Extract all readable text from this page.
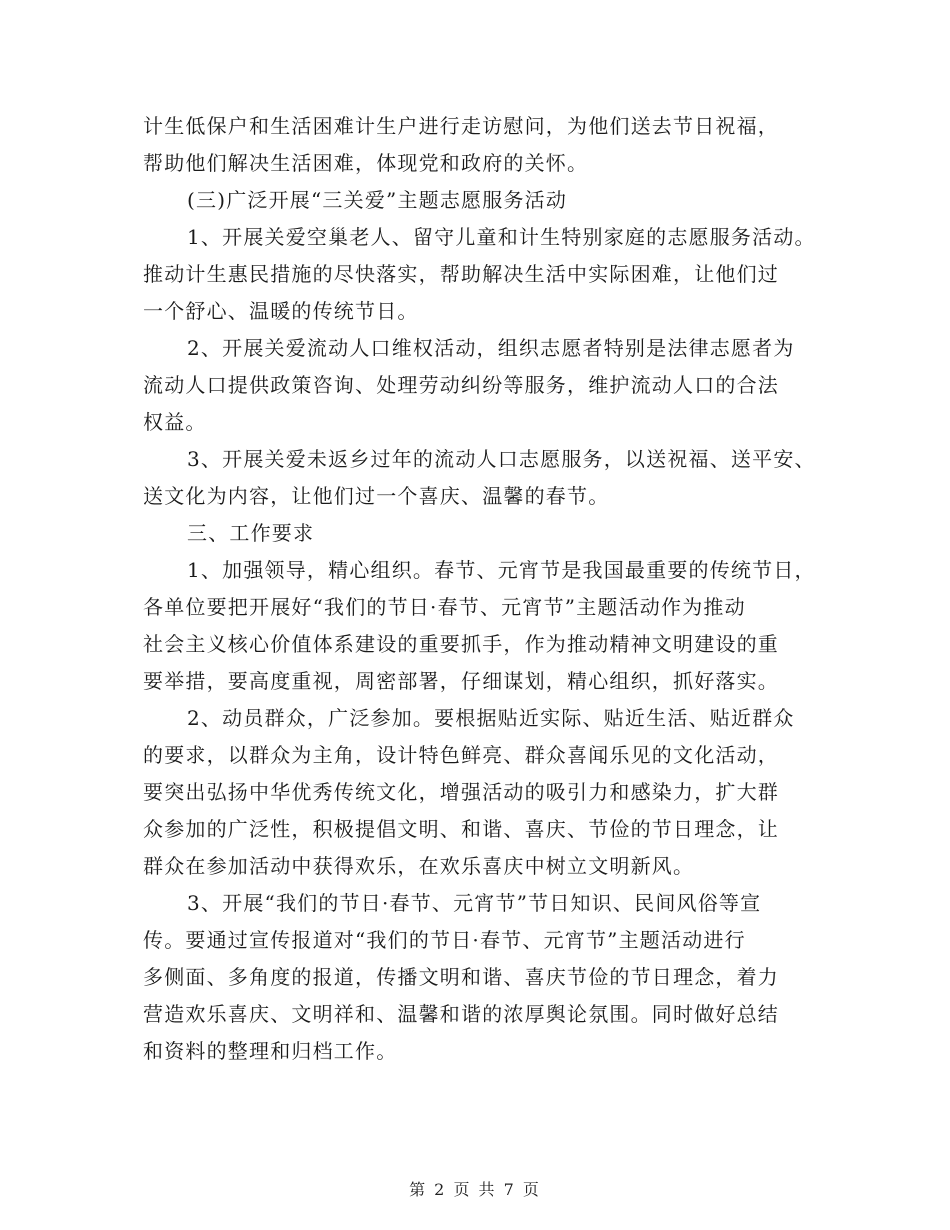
计生低保户和生活困难计生户进行走访慰问，为他们送去节日祝福，
帮助他们解决生活困难，体现党和政府的关怀。
(三)广泛开展“三关爱”主题志愿服务活动
1、开展关爱空巢老人、留守儿童和计生特别家庭的志愿服务活动。
推动计生惠民措施的尽快落实，帮助解决生活中实际困难，让他们过
一个舒心、温暖的传统节日。
2、开展关爱流动人口维权活动，组织志愿者特别是法律志愿者为
流动人口提供政策咨询、处理劳动纠纷等服务，维护流动人口的合法
权益。
3、开展关爱未返乡过年的流动人口志愿服务，以送祝福、送平安、
送文化为内容，让他们过一个喜庆、温馨的春节。
三、工作要求
1、加强领导，精心组织。春节、元宵节是我国最重要的传统节日，
各单位要把开展好“我们的节日·春节、元宵节”主题活动作为推动
社会主义核心价值体系建设的重要抓手，作为推动精神文明建设的重
要举措，要高度重视，周密部署，仔细谋划，精心组织，抓好落实。
2、动员群众，广泛参加。要根据贴近实际、贴近生活、贴近群众
的要求，以群众为主角，设计特色鲜亮、群众喜闻乐见的文化活动，
要突出弘扬中华优秀传统文化，增强活动的吸引力和感染力，扩大群
众参加的广泛性，积极提倡文明、和谐、喜庆、节俭的节日理念，让
群众在参加活动中获得欢乐，在欢乐喜庆中树立文明新风。
3、开展“我们的节日·春节、元宵节”节日知识、民间风俗等宣
传。要通过宣传报道对“我们的节日·春节、元宵节”主题活动进行
多侧面、多角度的报道，传播文明和谐、喜庆节俭的节日理念，着力
营造欢乐喜庆、文明祥和、温馨和谐的浓厚舆论氛围。同时做好总结
和资料的整理和归档工作。
第 2 页 共 7 页
